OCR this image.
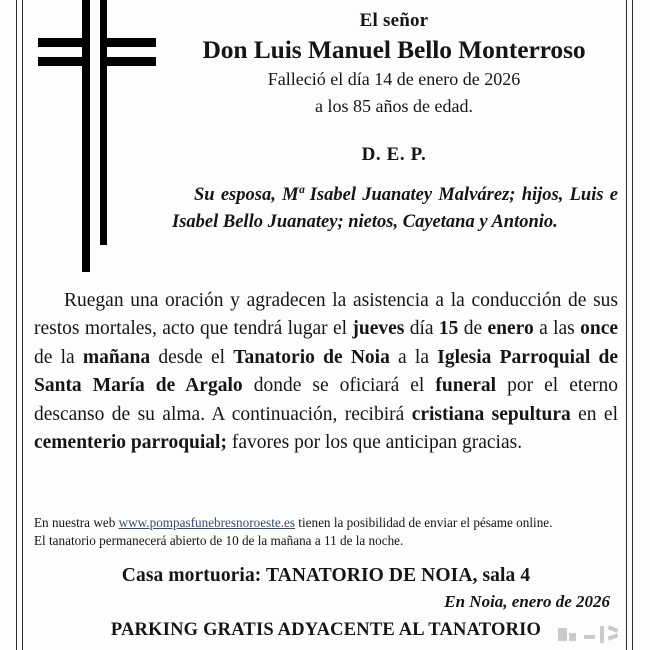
El señor
Don Luis Manuel Bello Monterroso
Falleció el día 14 de enero de 2026
a los 85 años de edad.
D. E. P.
Su esposa, Mª Isabel Juanatey Malvárez; hijos, Luis e Isabel Bello Juanatey; nietos, Cayetana y Antonio.
Ruegan una oración y agradecen la asistencia a la conducción de sus restos mortales, acto que tendrá lugar el jueves día 15 de enero a las once de la mañana desde el Tanatorio de Noia a la Iglesia Parroquial de Santa María de Argalo donde se oficiará el funeral por el eterno descanso de su alma. A continuación, recibirá cristiana sepultura en el cementerio parroquial; favores por los que anticipan gracias.
En nuestra web www.pompasfunebresnoroeste.es tienen la posibilidad de enviar el pésame online.
El tanatorio permanecerá abierto de 10 de la mañana a 11 de la noche.
Casa mortuoria: TANATORIO DE NOIA, sala 4
En Noia, enero de 2026
PARKING GRATIS ADYACENTE AL TANATORIO
